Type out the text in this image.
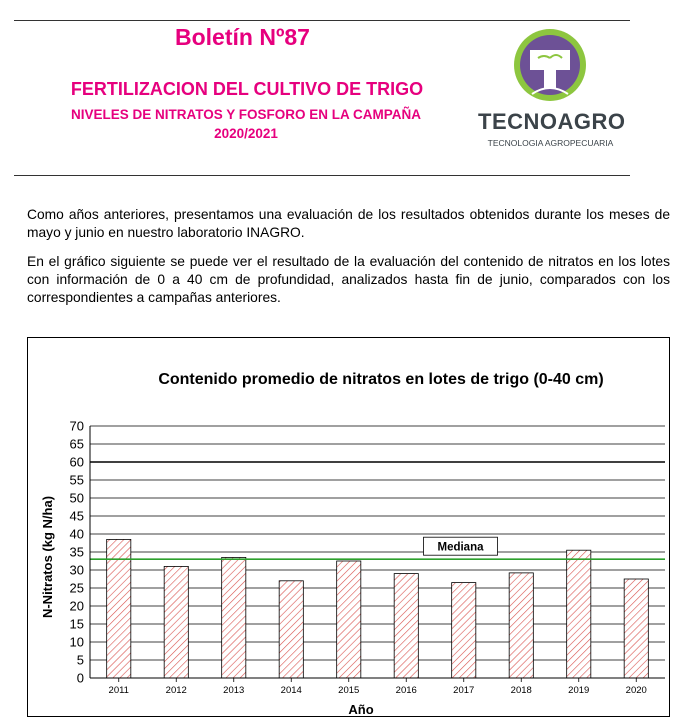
Boletín Nº87
FERTILIZACION DEL CULTIVO DE TRIGO
NIVELES DE NITRATOS Y FOSFORO EN LA CAMPAÑA
2020/2021	TECNOAGRO
TECNOLOGIA AGROPECUARIA

Como años anteriores, presentamos una evaluación de los resultados obtenidos durante los meses de mayo y junio en nuestro laboratorio INAGRO.

En el gráfico siguiente se puede ver el resultado de la evaluación del contenido de nitratos en los lotes con información de 0 a 40 cm de profundidad, analizados hasta fin de junio, comparados con los correspondientes a campañas anteriores.

Contenido promedio de nitratos en lotes de trigo (0-40 cm)
N-Nitratos (kg N/ha)
Año
Mediana
0
5
10
15
20
25
30
35
40
45
50
55
60
65
70
2011	2012	2013	2014	2015	2016	2017	2018	2019	2020
